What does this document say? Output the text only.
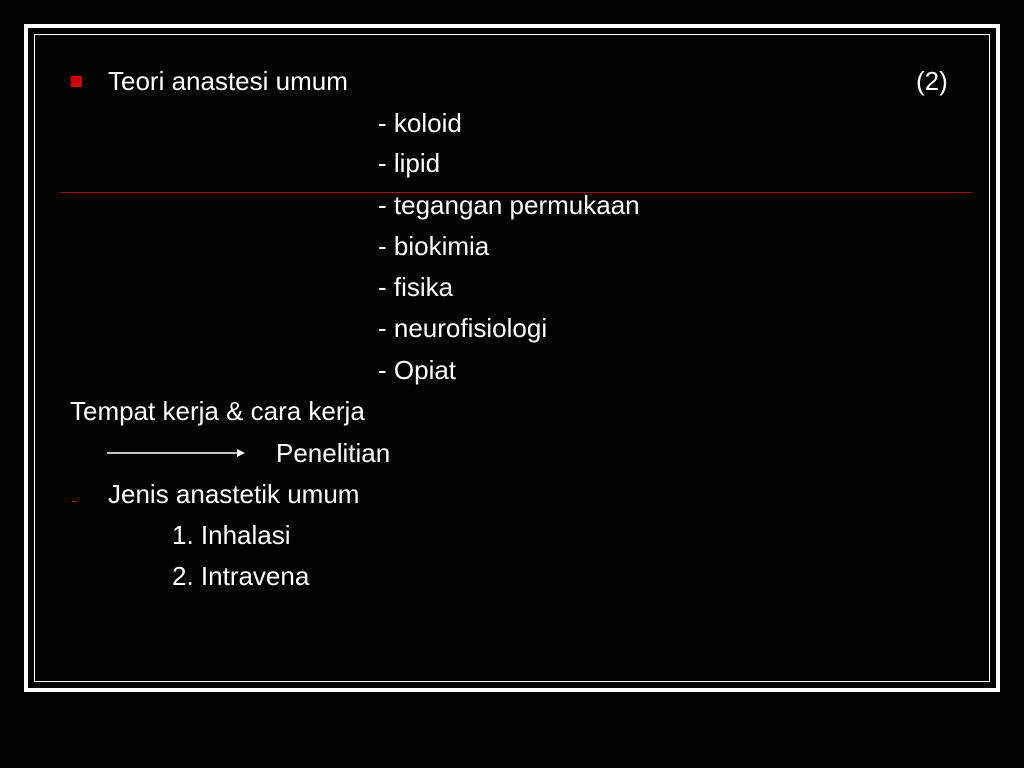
Teori anastesi umum	(2)
- koloid
- lipid
- tegangan permukaan
- biokimia
- fisika
- neurofisiologi
- Opiat
Tempat kerja & cara kerja
Penelitian
- Jenis anastetik umum
1. Inhalasi
2. Intravena
